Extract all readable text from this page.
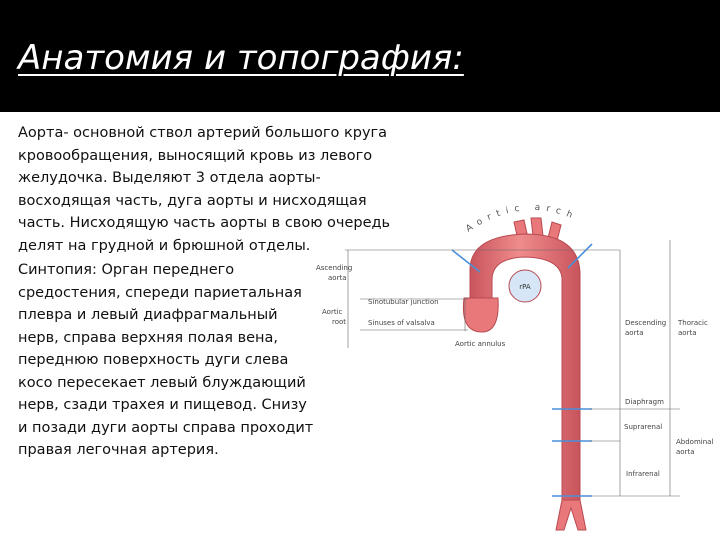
Анатомия и топография:

Аорта- основной ствол артерий большого круга кровообращения, выносящий кровь из левого желудочка. Выделяют 3 отдела аорты- восходящая часть, дуга аорты и нисходящая часть. Нисходящую часть аорты в свою очередь делят на грудной и брюшной отделы.

Синтопия: Орган переднего средостения, спереди париетальная плевра и левый диафрагмальный нерв, справа верхняя полая вена, переднюю поверхность дуги слева косо пересекает левый блуждающий нерв, сзади трахея и пищевод. Снизу и позади дуги аорты справа проходит правая легочная артерия.

Aortic arch
rPA
Ascending
aorta
Sinotubular junction
Aortic
root	Sinuses of valsalva
Aortic annulus
Descending
aorta
Thoracic
aorta
Diaphragm
Suprarenal
Abdominal
aorta
Infrarenal
